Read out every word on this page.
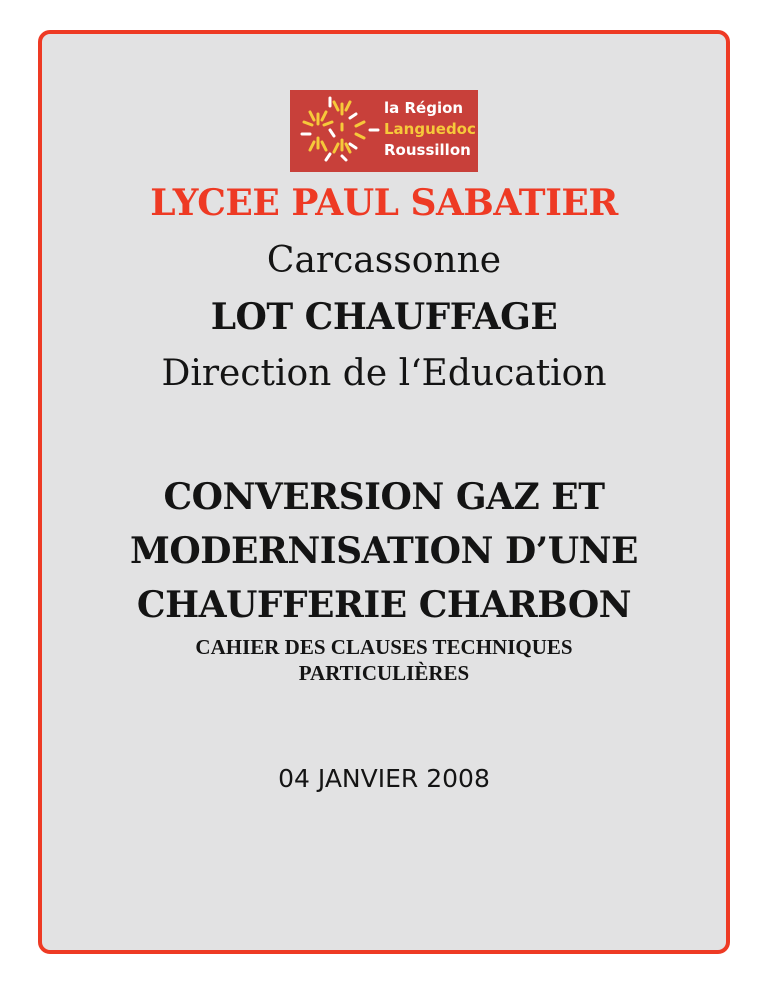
la Région
Languedoc
Roussillon
LYCEE PAUL SABATIER
Carcassonne
LOT CHAUFFAGE
Direction de l‘Education
CONVERSION GAZ ET
MODERNISATION D’UNE
CHAUFFERIE CHARBON
CAHIER DES CLAUSES TECHNIQUES
PARTICULIÈRES
04 JANVIER 2008
